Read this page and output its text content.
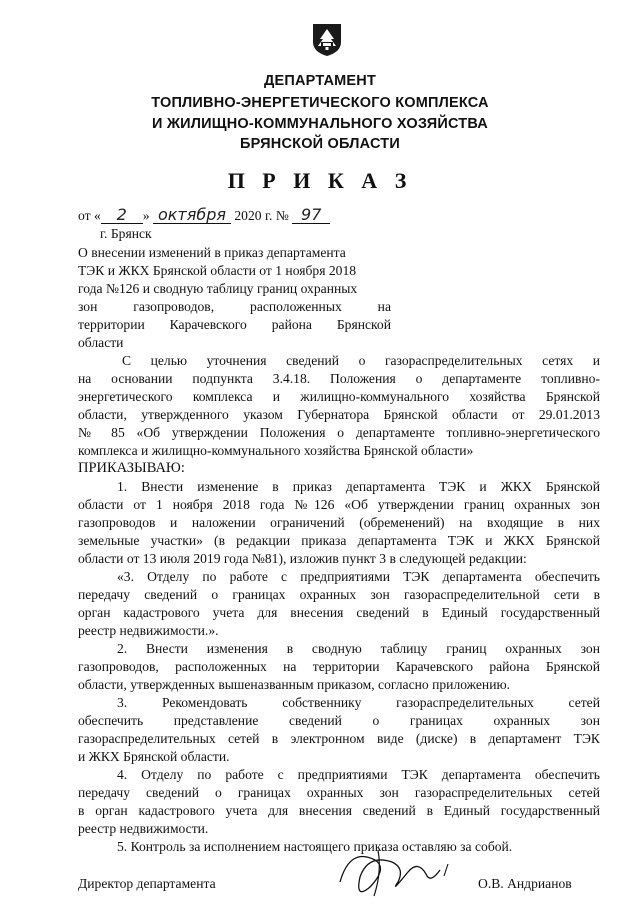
ДЕПАРТАМЕНТ
ТОПЛИВНО-ЭНЕРГЕТИЧЕСКОГО КОМПЛЕКСА
И ЖИЛИЩНО-КОММУНАЛЬНОГО ХОЗЯЙСТВА
БРЯНСКОЙ ОБЛАСТИ
П Р И К А З
от « 2 » октября 2020 г. № 97
г. Брянск
О внесении изменений в приказ департамента
ТЭК и ЖКХ Брянской области от 1 ноября 2018
года №126 и сводную таблицу границ охранных
зон газопроводов, расположенных на
территории Карачевского района Брянской
области
С целью уточнения сведений о газораспределительных сетях и
на основании подпункта 3.4.18. Положения о департаменте топливно-
энергетического комплекса и жилищно-коммунального хозяйства Брянской
области, утвержденного указом Губернатора Брянской области от 29.01.2013
№ 85 «Об утверждении Положения о департаменте топливно-энергетического
комплекса и жилищно-коммунального хозяйства Брянской области»
ПРИКАЗЫВАЮ:
1. Внести изменение в приказ департамента ТЭК и ЖКХ Брянской
области от 1 ноября 2018 года №126 «Об утверждении границ охранных зон
газопроводов и наложении ограничений (обременений) на входящие в них
земельные участки» (в редакции приказа департамента ТЭК и ЖКХ Брянской
области от 13 июля 2019 года №81), изложив пункт 3 в следующей редакции:
«3. Отделу по работе с предприятиями ТЭК департамента обеспечить
передачу сведений о границах охранных зон газораспределительной сети в
орган кадастрового учета для внесения сведений в Единый государственный
реестр недвижимости.».
2. Внести изменения в сводную таблицу границ охранных зон
газопроводов, расположенных на территории Карачевского района Брянской
области, утвержденных вышеназванным приказом, согласно приложению.
3. Рекомендовать собственнику газораспределительных сетей
обеспечить представление сведений о границах охранных зон
газораспределительных сетей в электронном виде (диске) в департамент ТЭК
и ЖКХ Брянской области.
4. Отделу по работе с предприятиями ТЭК департамента обеспечить
передачу сведений о границах охранных зон газораспределительных сетей
в орган кадастрового учета для внесения сведений в Единый государственный
реестр недвижимости.
5. Контроль за исполнением настоящего приказа оставляю за собой.
Директор департамента	О.В. Андрианов
